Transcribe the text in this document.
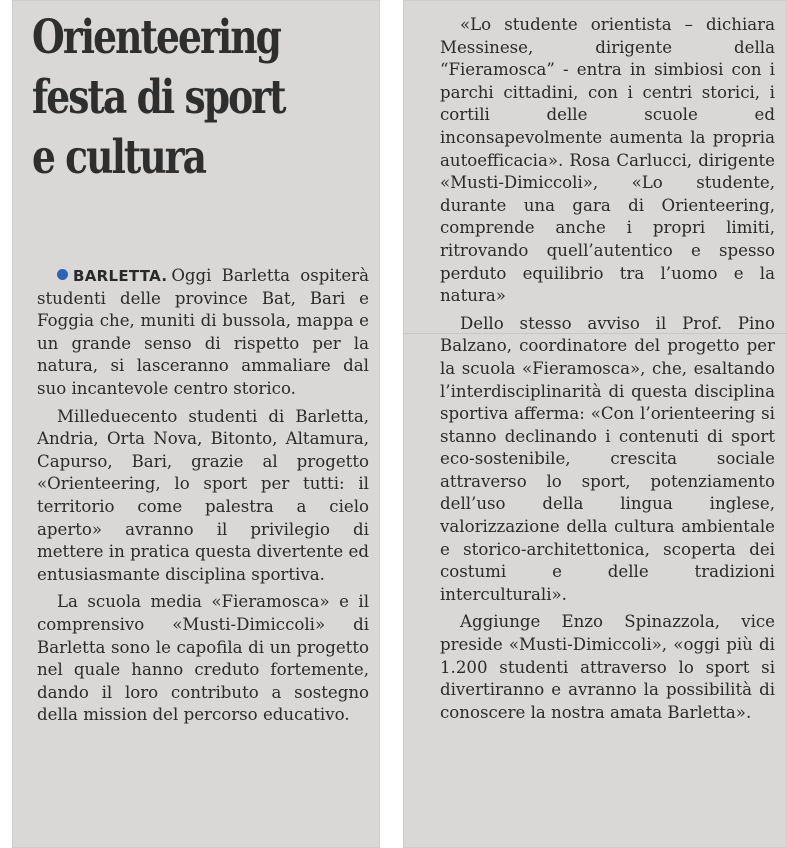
Orienteering
festa di sport
e cultura

BARLETTA. Oggi Barletta ospiterà studenti delle province Bat, Bari e Foggia che, muniti di bussola, mappa e un grande senso di rispetto per la natura, si lasceranno ammaliare dal suo incantevole centro storico.

Milleduecento studenti di Barletta, Andria, Orta Nova, Bitonto, Altamura, Capurso, Bari, grazie al progetto «Orienteering, lo sport per tutti: il territorio come palestra a cielo aperto» avranno il privilegio di mettere in pratica questa divertente ed entusiasmante disciplina sportiva.

La scuola media «Fieramosca» e il comprensivo «Musti-Dimiccoli» di Barletta sono le capofila di un progetto nel quale hanno creduto fortemente, dando il loro contributo a sostegno della mission del percorso educativo.

«Lo studente orientista – dichiara Messinese, dirigente della “Fieramosca” - entra in simbiosi con i parchi cittadini, con i centri storici, i cortili delle scuole ed inconsapevolmente aumenta la propria autoefficacia». Rosa Carlucci, dirigente «Musti-Dimiccoli», «Lo studente, durante una gara di Orienteering, comprende anche i propri limiti, ritrovando quell’autentico e spesso perduto equilibrio tra l’uomo e la natura»

Dello stesso avviso il Prof. Pino Balzano, coordinatore del progetto per la scuola «Fieramosca», che, esaltando l’interdisciplinarità di questa disciplina sportiva afferma: «Con l’orienteering si stanno declinando i contenuti di sport eco-sostenibile, crescita sociale attraverso lo sport, potenziamento dell’uso della lingua inglese, valorizzazione della cultura ambientale e storico-architettonica, scoperta dei costumi e delle tradizioni interculturali».

Aggiunge Enzo Spinazzola, vice preside «Musti-Dimiccoli», «oggi più di 1.200 studenti attraverso lo sport si divertiranno e avranno la possibilità di conoscere la nostra amata Barletta».
